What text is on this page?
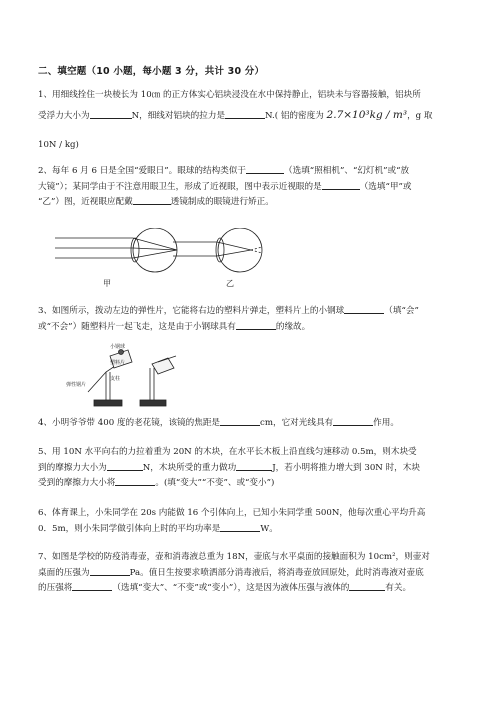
二、填空题（10 小题，每小题 3 分，共计 30 分）
1、用细线拴住一块棱长为 10㎝ 的正方体实心铝块浸没在水中保持静止，铝块未与容器接触，铝块所
受浮力大小为	N，细线对铝块的拉力是	N.( 铝的密度为 2.7×10³kg / m³，g 取
10N / kg)
2、每年 6 月 6 日是全国“爱眼日”。眼球的结构类似于	（选填“照相机”、“幻灯机”或“放
大镜”）；某同学由于不注意用眼卫生，形成了近视眼，图中表示近视眼的是	（选填“甲”或
“乙”）图，近视眼应配戴	透镜制成的眼镜进行矫正。
甲	乙
3、如图所示，拨动左边的弹性片，它能将右边的塑料片弹走，塑料片上的小钢球	（填“会”
或“不会”）随塑料片一起飞走，这是由于小钢球具有	的缘故。
小钢球
塑料片
支柱
弹性钢片
4、小明爷爷带 400 度的老花镜，该镜的焦距是	cm，它对光线具有	作用。
5、用 10N 水平向右的力拉着重为 20N 的木块，在水平长木板上沿直线匀速移动 0.5m，则木块受
到的摩擦力大小为	N，木块所受的重力做功	J，若小明将推力增大到 30N 时，木块
受到的摩擦力大小将	。(填“变大”“不变”、或“变小”)
6、体育课上，小朱同学在 20s 内能做 16 个引体向上，已知小朱同学重 500N，他每次重心平均升高
0．5m，则小朱同学做引体向上时的平均功率是	W。
7、如图是学校的防疫消毒壶，壶和消毒液总重为 18N，壶底与水平桌面的接触面积为 10cm²，则壶对
桌面的压强为	Pa。值日生按要求喷洒部分消毒液后，将消毒壶放回原处，此时消毒液对壶底
的压强将	（选填“变大”、“不变”或“变小”），这是因为液体压强与液体的	有关。
